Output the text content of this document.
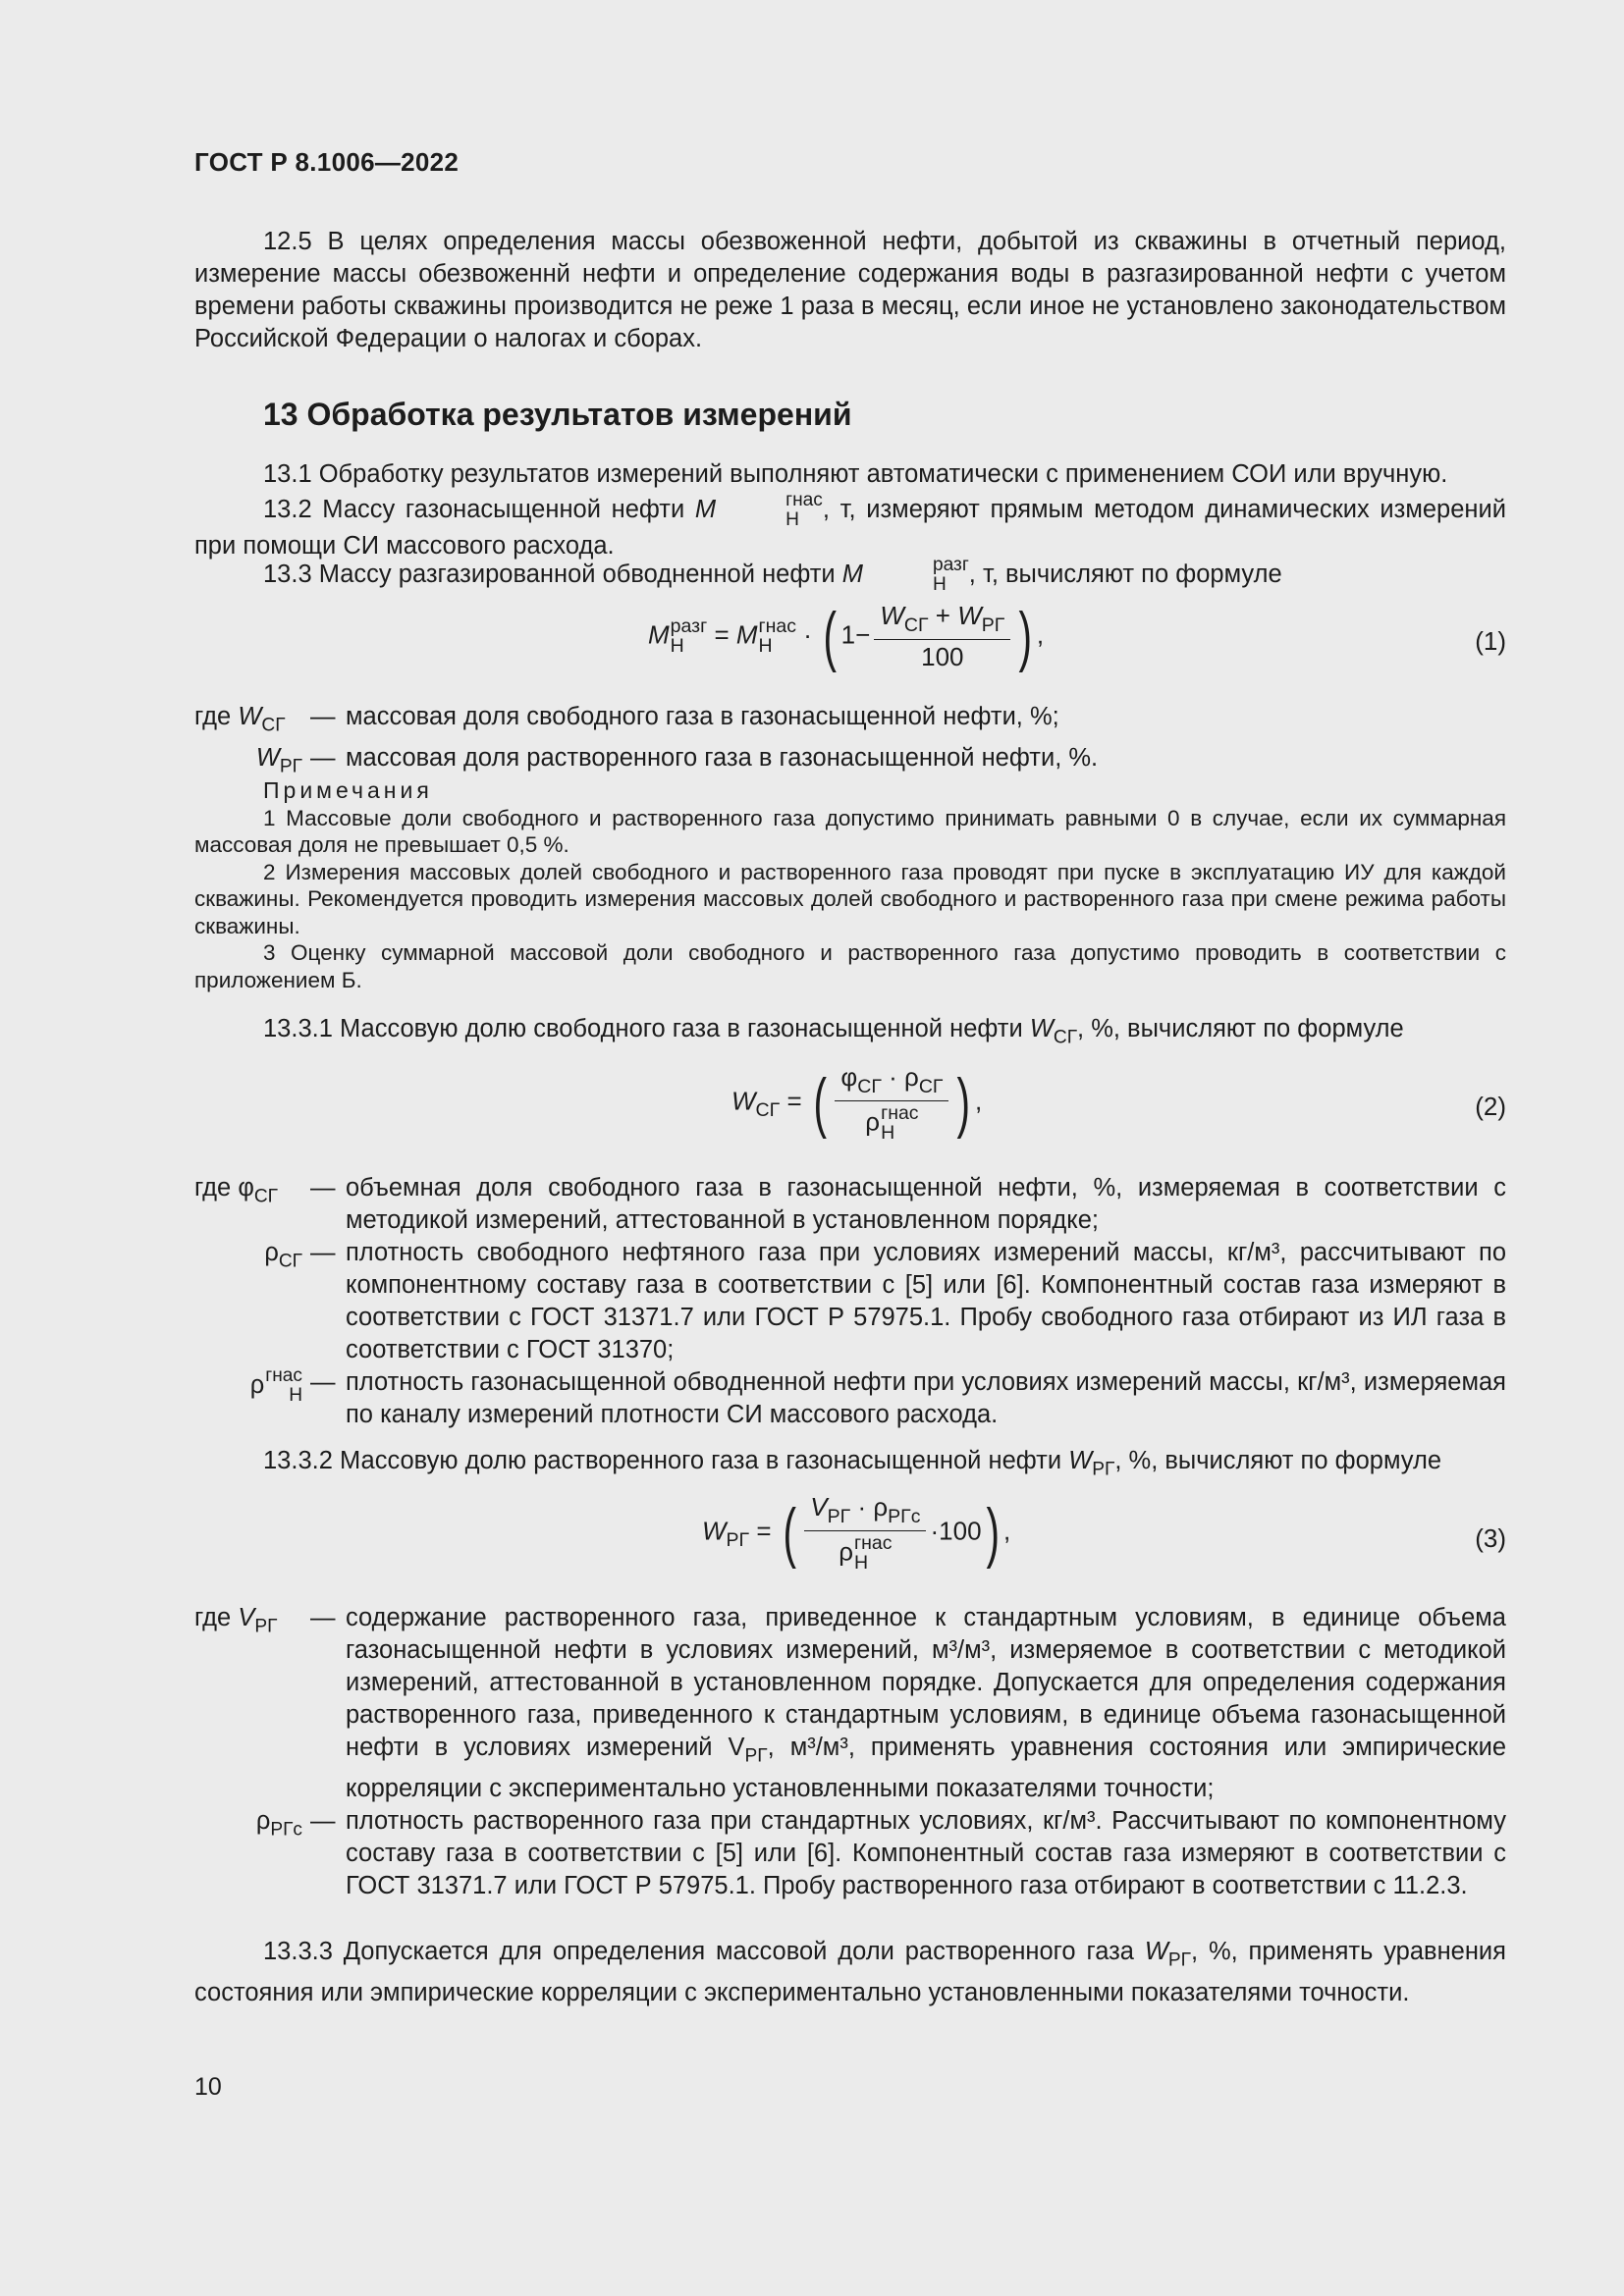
ГОСТ Р 8.1006—2022
12.5 В целях определения массы обезвоженной нефти, добытой из скважины в отчетный период, измерение массы обезвоженнй нефти и определение содержания воды в разгазированной нефти с учетом времени работы скважины производится не реже 1 раза в месяц, если иное не установлено законодательством Российской Федерации о налогах и сборах.
13 Обработка результатов измерений
13.1 Обработку результатов измерений выполняют автоматически с применением СОИ или вручную.
13.2 Массу газонасыщенной нефти M	гнас
Н , т, измеряют прямым методом динамических измерений при помощи СИ массового расхода.
13.3 Массу разгазированной обводненной нефти M	разг
Н , т, вычисляют по формуле
M разг
Н	= M гнас
Н	· ( $1- \frac{W_{СГ} + W_{РГ}}{100}$ ) ,	(1)
где $W_{СГ}$ — массовая доля свободного газа в газонасыщенной нефти, %;
$W_{РГ}$ — массовая доля растворенного газа в газонасыщенной нефти, %.
Примечания
1 Массовые доли свободного и растворенного газа допустимо принимать равными 0 в случае, если их суммарная массовая доля не превышает 0,5 %.
2 Измерения массовых долей свободного и растворенного газа проводят при пуске в эксплуатацию ИУ для каждой скважины. Рекомендуется проводить измерения массовых долей свободного и растворенного газа при смене режима работы скважины.
3 Оценку суммарной массовой доли свободного и растворенного газа допустимо проводить в соответствии с приложением Б.
13.3.1 Массовую долю свободного газа в газонасыщенной нефти $W_{СГ}$, %, вычисляют по формуле
$W_{СГ}$ = ( $\varphi_{СГ} \cdot \rho_{СГ}$
ρ гнас
Н ) ,	(2)
где $\varphi_{СГ}$	— объемная доля свободного газа в газонасыщенной нефти, %, измеряемая в соответствии с методикой измерений, аттестованной в установленном порядке;
$\rho_{СГ}$ — плотность свободного нефтяного газа при условиях измерений массы, кг/м³, рассчитывают по компонентному составу газа в соответствии с [5] или [6]. Компонентный состав газа измеряют в соответствии с ГОСТ 31371.7 или ГОСТ Р 57975.1. Пробу свободного газа отбирают из ИЛ газа в соответствии с ГОСТ 31370;
ρ гнас
Н — плотность газонасыщенной обводненной нефти при условиях измерений массы, кг/м³, измеряемая по каналу измерений плотности СИ массового расхода.
13.3.2 Массовую долю растворенного газа в газонасыщенной нефти $W_{РГ}$, %, вычисляют по формуле
$W_{РГ}$ = ( $V_{РГ} \cdot \rho_{РГс}$
ρ гнас
Н ·100) ,	(3)
где $V_{РГ}$	— содержание растворенного газа, приведенное к стандартным условиям, в единице объема газонасыщенной нефти в условиях измерений, м³/м³, измеряемое в соответствии с методикой измерений, аттестованной в установленном порядке. Допускается для определения содержания растворенного газа, приведенного к стандартным условиям, в единице объема газонасыщенной нефти в условиях измерений $V_{РГ}$, м³/м³, применять уравнения состояния или эмпирические корреляции с экспериментально установленными показателями точности;
$\rho_{РГс}$ — плотность растворенного газа при стандартных условиях, кг/м³. Рассчитывают по компонентному составу газа в соответствии с [5] или [6]. Компонентный состав газа измеряют в соответствии с ГОСТ 31371.7 или ГОСТ Р 57975.1. Пробу растворенного газа отбирают в соответствии с 11.2.3.
13.3.3 Допускается для определения массовой доли растворенного газа $W_{РГ}$, %, применять уравнения состояния или эмпирические корреляции с экспериментально установленными показателями точности.
10
